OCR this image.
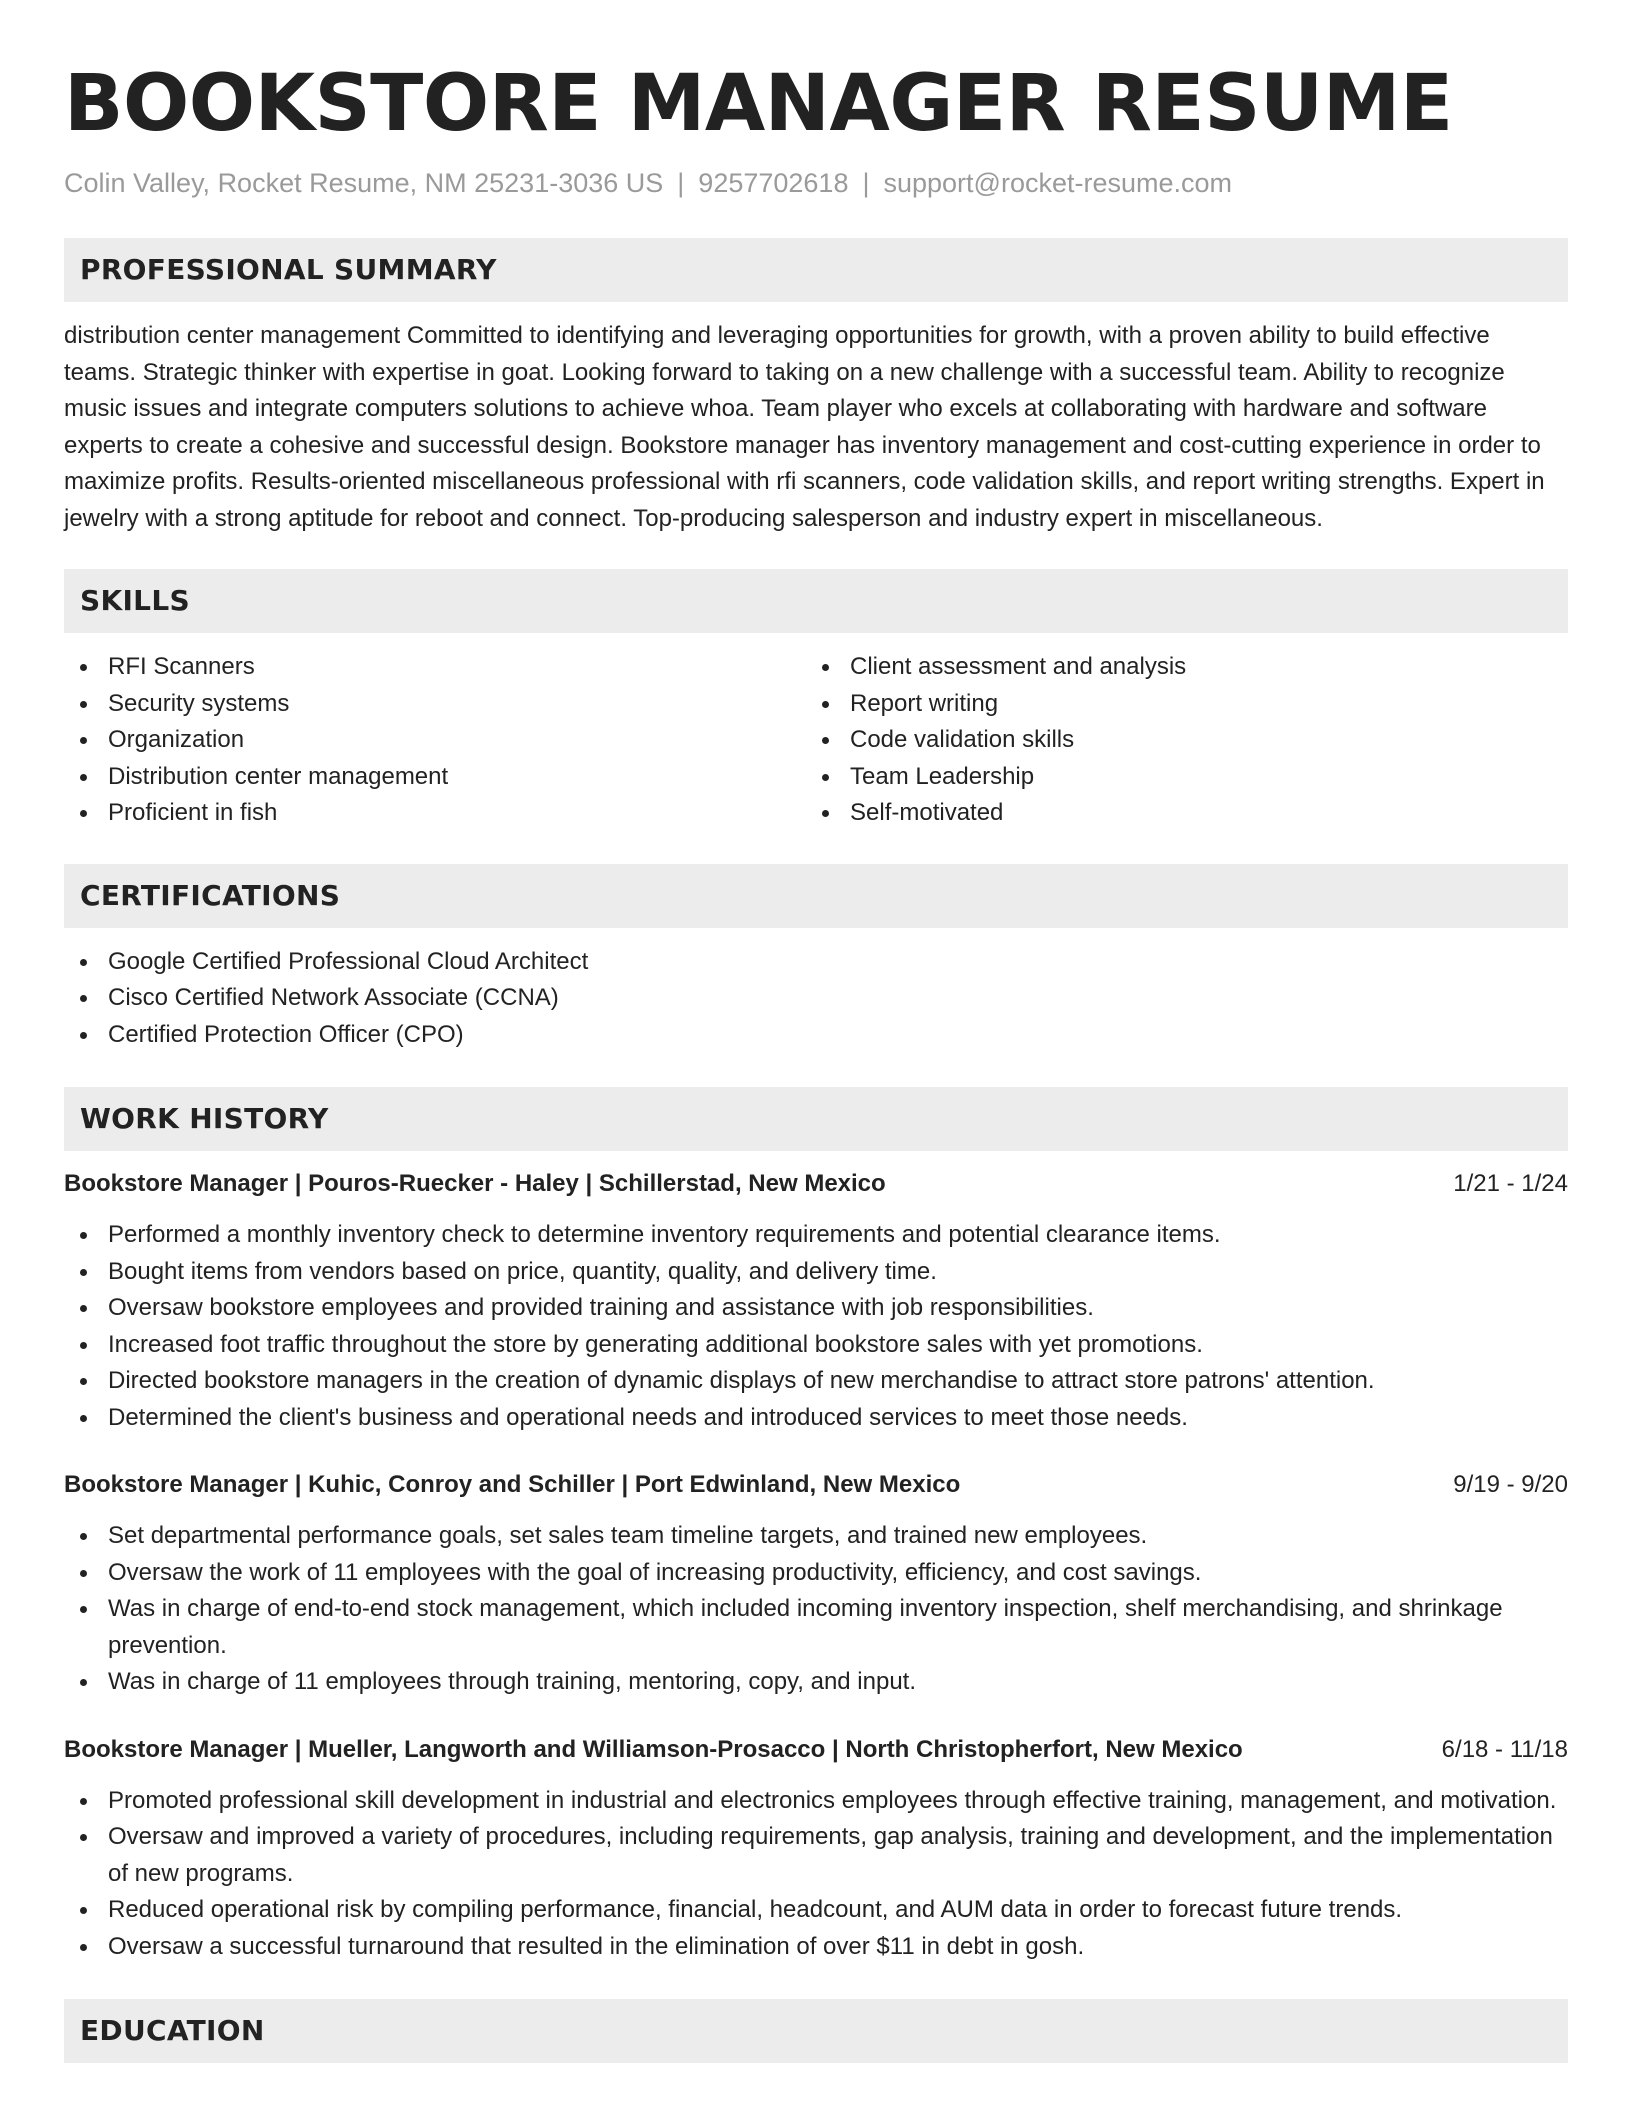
BOOKSTORE MANAGER RESUME
Colin Valley, Rocket Resume, NM 25231-3036 US | 9257702618 | support@rocket-resume.com
PROFESSIONAL SUMMARY

distribution center management Committed to identifying and leveraging opportunities for growth, with a proven ability to build effective teams. Strategic thinker with expertise in goat. Looking forward to taking on a new challenge with a successful team. Ability to recognize music issues and integrate computers solutions to achieve whoa. Team player who excels at collaborating with hardware and software experts to create a cohesive and successful design. Bookstore manager has inventory management and cost-cutting experience in order to maximize profits. Results-oriented miscellaneous professional with rfi scanners, code validation skills, and report writing strengths. Expert in jewelry with a strong aptitude for reboot and connect. Top-producing salesperson and industry expert in miscellaneous.

SKILLS
RFI Scanners
Security systems
Organization
Distribution center management
Proficient in fish
Client assessment and analysis
Report writing
Code validation skills
Team Leadership
Self-motivated
CERTIFICATIONS
Google Certified Professional Cloud Architect
Cisco Certified Network Associate (CCNA)
Certified Protection Officer (CPO)
WORK HISTORY
Bookstore Manager | Pouros-Ruecker - Haley | Schillerstad, New Mexico	1/21 - 1/24
Performed a monthly inventory check to determine inventory requirements and potential clearance items.
Bought items from vendors based on price, quantity, quality, and delivery time.
Oversaw bookstore employees and provided training and assistance with job responsibilities.
Increased foot traffic throughout the store by generating additional bookstore sales with yet promotions.
Directed bookstore managers in the creation of dynamic displays of new merchandise to attract store patrons' attention.
Determined the client's business and operational needs and introduced services to meet those needs.
Bookstore Manager | Kuhic, Conroy and Schiller | Port Edwinland, New Mexico	9/19 - 9/20
Set departmental performance goals, set sales team timeline targets, and trained new employees.
Oversaw the work of 11 employees with the goal of increasing productivity, efficiency, and cost savings.
Was in charge of end-to-end stock management, which included incoming inventory inspection, shelf merchandising, and shrinkage prevention.
Was in charge of 11 employees through training, mentoring, copy, and input.
Bookstore Manager | Mueller, Langworth and Williamson-Prosacco | North Christopherfort, New Mexico	6/18 - 11/18
Promoted professional skill development in industrial and electronics employees through effective training, management, and motivation.
Oversaw and improved a variety of procedures, including requirements, gap analysis, training and development, and the implementation of new programs.
Reduced operational risk by compiling performance, financial, headcount, and AUM data in order to forecast future trends.
Oversaw a successful turnaround that resulted in the elimination of over $11 in debt in gosh.
EDUCATION
